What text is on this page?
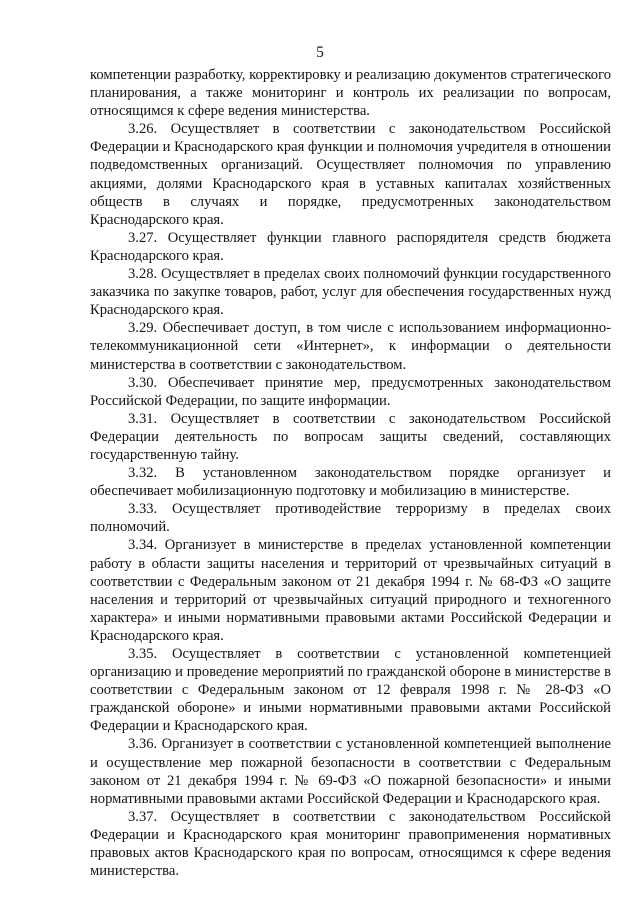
5

компетенции разработку, корректировку и реализацию документов стратегического планирования, а также мониторинг и контроль их реализации по вопросам, относящимся к сфере ведения министерства.

3.26. Осуществляет в соответствии с законодательством Российской Федерации и Краснодарского края функции и полномочия учредителя в отношении подведомственных организаций. Осуществляет полномочия по управлению акциями, долями Краснодарского края в уставных капиталах хозяйственных обществ в случаях и порядке, предусмотренных законодательством Краснодарского края.

3.27. Осуществляет функции главного распорядителя средств бюджета Краснодарского края.

3.28. Осуществляет в пределах своих полномочий функции государственного заказчика по закупке товаров, работ, услуг для обеспечения государственных нужд Краснодарского края.

3.29. Обеспечивает доступ, в том числе с использованием информационно-телекоммуникационной сети «Интернет», к информации о деятельности министерства в соответствии с законодательством.

3.30. Обеспечивает принятие мер, предусмотренных законодательством Российской Федерации, по защите информации.

3.31. Осуществляет в соответствии с законодательством Российской Федерации деятельность по вопросам защиты сведений, составляющих государственную тайну.

3.32. В установленном законодательством порядке организует и обеспечивает мобилизационную подготовку и мобилизацию в министерстве.

3.33. Осуществляет противодействие терроризму в пределах своих полномочий.

3.34. Организует в министерстве в пределах установленной компетенции работу в области защиты населения и территорий от чрезвычайных ситуаций в соответствии с Федеральным законом от 21 декабря 1994 г. № 68-ФЗ «О защите населения и территорий от чрезвычайных ситуаций природного и техногенного характера» и иными нормативными правовыми актами Российской Федерации и Краснодарского края.

3.35. Осуществляет в соответствии с установленной компетенцией организацию и проведение мероприятий по гражданской обороне в министерстве в соответствии с Федеральным законом от 12 февраля 1998 г. № 28-ФЗ «О гражданской обороне» и иными нормативными правовыми актами Российской Федерации и Краснодарского края.

3.36. Организует в соответствии с установленной компетенцией выполнение и осуществление мер пожарной безопасности в соответствии с Федеральным законом от 21 декабря 1994 г. № 69-ФЗ «О пожарной безопасности» и иными нормативными правовыми актами Российской Федерации и Краснодарского края.

3.37. Осуществляет в соответствии с законодательством Российской Федерации и Краснодарского края мониторинг правоприменения нормативных правовых актов Краснодарского края по вопросам, относящимся к сфере ведения министерства.
